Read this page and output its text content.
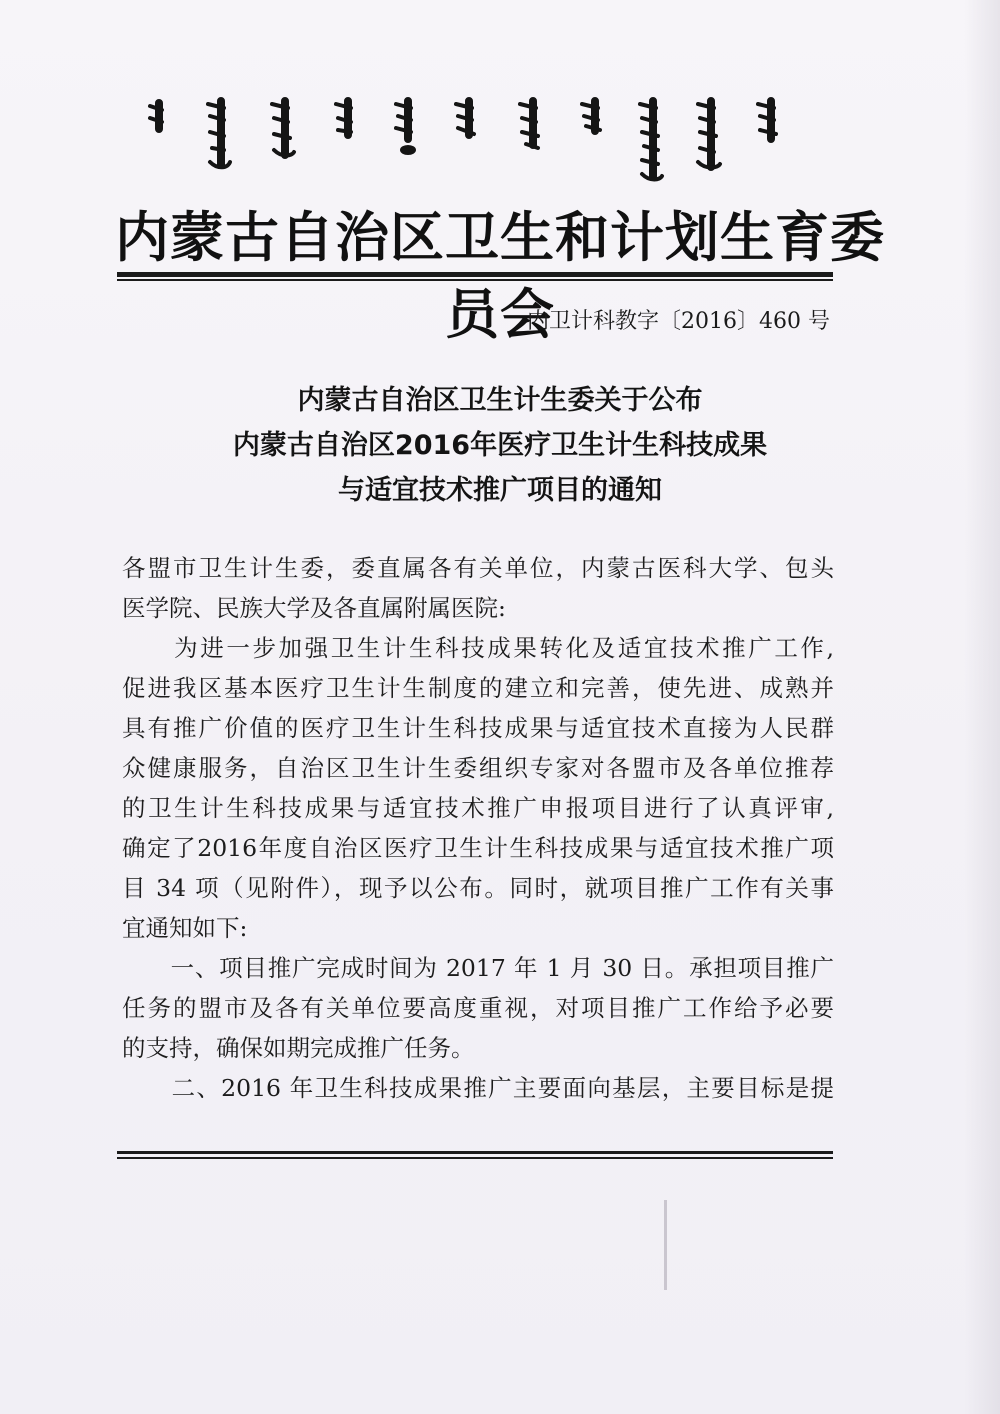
内蒙古自治区卫生和计划生育委员会
内卫计科教字〔2016〕460 号
内蒙古自治区卫生计生委关于公布
内蒙古自治区2016年医疗卫生计生科技成果
与适宜技术推广项目的通知

各盟市卫生计生委，委直属各有关单位，内蒙古医科大学、包头

医学院、民族大学及各直属附属医院:

　　为进一步加强卫生计生科技成果转化及适宜技术推广工作,

促进我区基本医疗卫生计生制度的建立和完善，使先进、成熟并

具有推广价值的医疗卫生计生科技成果与适宜技术直接为人民群

众健康服务，自治区卫生计生委组织专家对各盟市及各单位推荐

的卫生计生科技成果与适宜技术推广申报项目进行了认真评审,

确定了2016年度自治区医疗卫生计生科技成果与适宜技术推广项

目 34 项（见附件），现予以公布。同时，就项目推广工作有关事

宜通知如下:

　　一、项目推广完成时间为 2017 年 1 月 30 日。承担项目推广

任务的盟市及各有关单位要高度重视，对项目推广工作给予必要

的支持，确保如期完成推广任务。

　　二、2016 年卫生科技成果推广主要面向基层，主要目标是提
